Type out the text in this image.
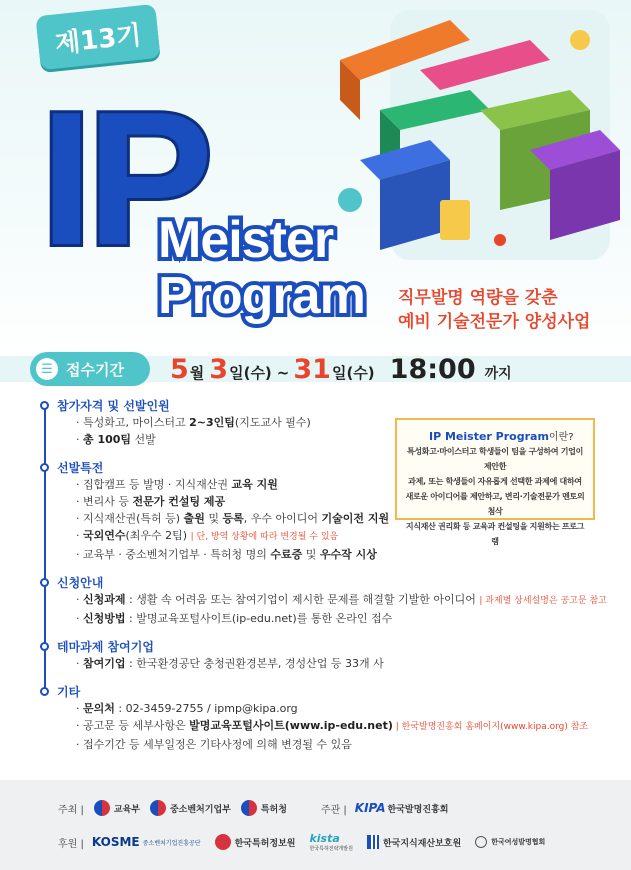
제13기
IP
Meister
Program 직무발명 역량을 갖춘
예비 기술전문가 양성사업
☰ 접수기간 5 월 3 일(수) ~ 31 일(수) 18:00 까지
IP Meister Program이란?

특성화고·마이스터고 학생들이 팀을 구성하여 기업이 제안한

과제, 또는 학생들이 자유롭게 선택한 과제에 대하여

새로운 아이디어를 제안하고, 변리·기술전문가 멘토의 첨삭

지식재산 권리화 등 교육과 컨설팅을 지원하는 프로그램

참가자격 및 선발인원
· 특성화고, 마이스터고 2~3인팀(지도교사 필수)
· 총 100팀 선발
선발특전
· 집합캠프 등 발명 · 지식재산권 교육 지원
· 변리사 등 전문가 컨설팅 제공
· 지식재산권(특허 등) 출원 및 등록, 우수 아이디어 기술이전 지원
· 국외연수(최우수 2팀) | 단, 방역 상황에 따라 변경될 수 있음
· 교육부 · 중소벤처기업부 · 특허청 명의 수료증 및 우수작 시상
신청안내
· 신청과제 : 생활 속 어려움 또는 참여기업이 제시한 문제를 해결할 기발한 아이디어 | 과제별 상세설명은 공고문 참고
· 신청방법 : 발명교육포털사이트(ip-edu.net)를 통한 온라인 접수
테마과제 참여기업
· 참여기업 : 한국환경공단 충청권환경본부, 경성산업 등 33개 사
기타
· 문의처 : 02-3459-2755 / ipmp@kipa.org
· 공고문 등 세부사항은 발명교육포털사이트(www.ip-edu.net) | 한국발명진흥회 홈페이지(www.kipa.org) 참조
· 접수기간 등 세부일정은 기타사정에 의해 변경될 수 있음
주최 |	교육부	중소벤처기업부	특허청	주관 | KIPA 한국발명진흥회
후원 | KOSME 중소벤처기업진흥공단	한국특허정보원 kista
한국특허전략개발원
한국지식재산보호원	한국여성발명협회
